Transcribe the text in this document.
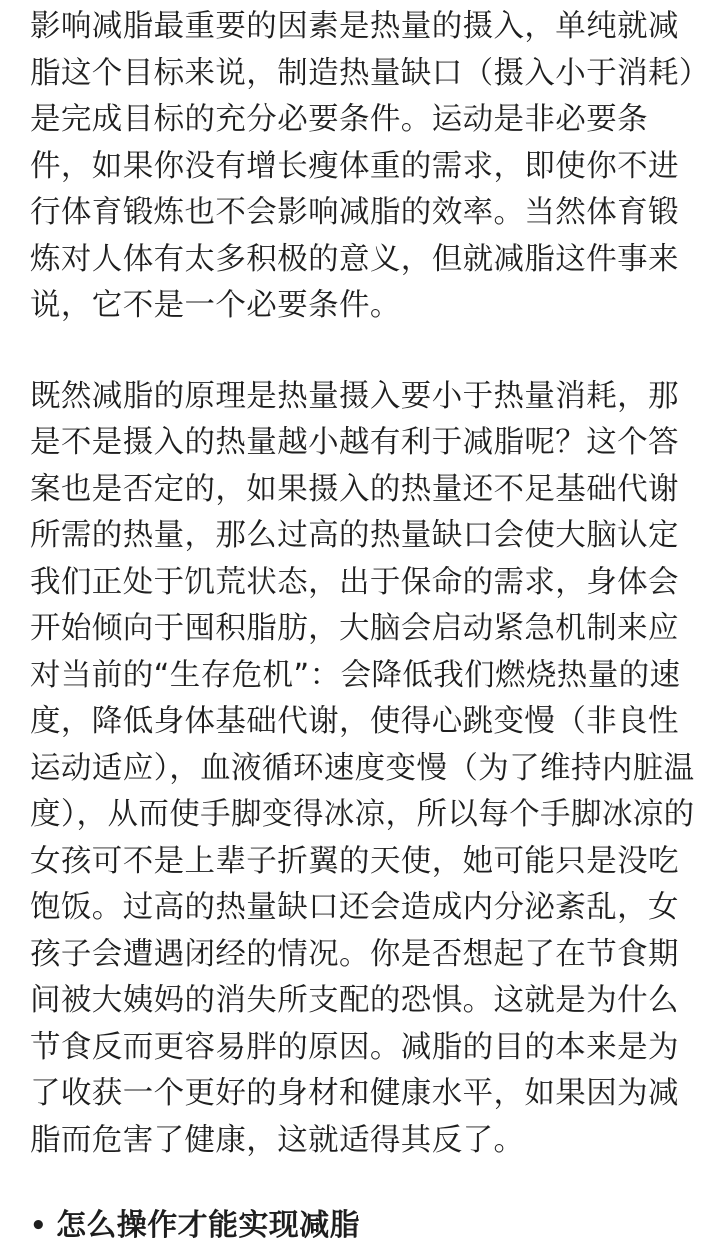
影响减脂最重要的因素是热量的摄入，单纯就减脂这个目标来说，制造热量缺口（摄入小于消耗）是完成目标的充分必要条件。运动是非必要条件，如果你没有增长瘦体重的需求，即使你不进行体育锻炼也不会影响减脂的效率。当然体育锻炼对人体有太多积极的意义，但就减脂这件事来说，它不是一个必要条件。

既然减脂的原理是热量摄入要小于热量消耗，那是不是摄入的热量越小越有利于减脂呢？这个答案也是否定的，如果摄入的热量还不足基础代谢所需的热量，那么过高的热量缺口会使大脑认定我们正处于饥荒状态，出于保命的需求，身体会开始倾向于囤积脂肪，大脑会启动紧急机制来应对当前的“生存危机”：会降低我们燃烧热量的速度，降低身体基础代谢，使得心跳变慢（非良性运动适应），血液循环速度变慢（为了维持内脏温度），从而使手脚变得冰凉，所以每个手脚冰凉的女孩可不是上辈子折翼的天使，她可能只是没吃饱饭。过高的热量缺口还会造成内分泌紊乱，女孩子会遭遇闭经的情况。你是否想起了在节食期间被大姨妈的消失所支配的恐惧。这就是为什么节食反而更容易胖的原因。减脂的目的本来是为了收获一个更好的身材和健康水平，如果因为减脂而危害了健康，这就适得其反了。

• 怎么操作才能实现减脂
